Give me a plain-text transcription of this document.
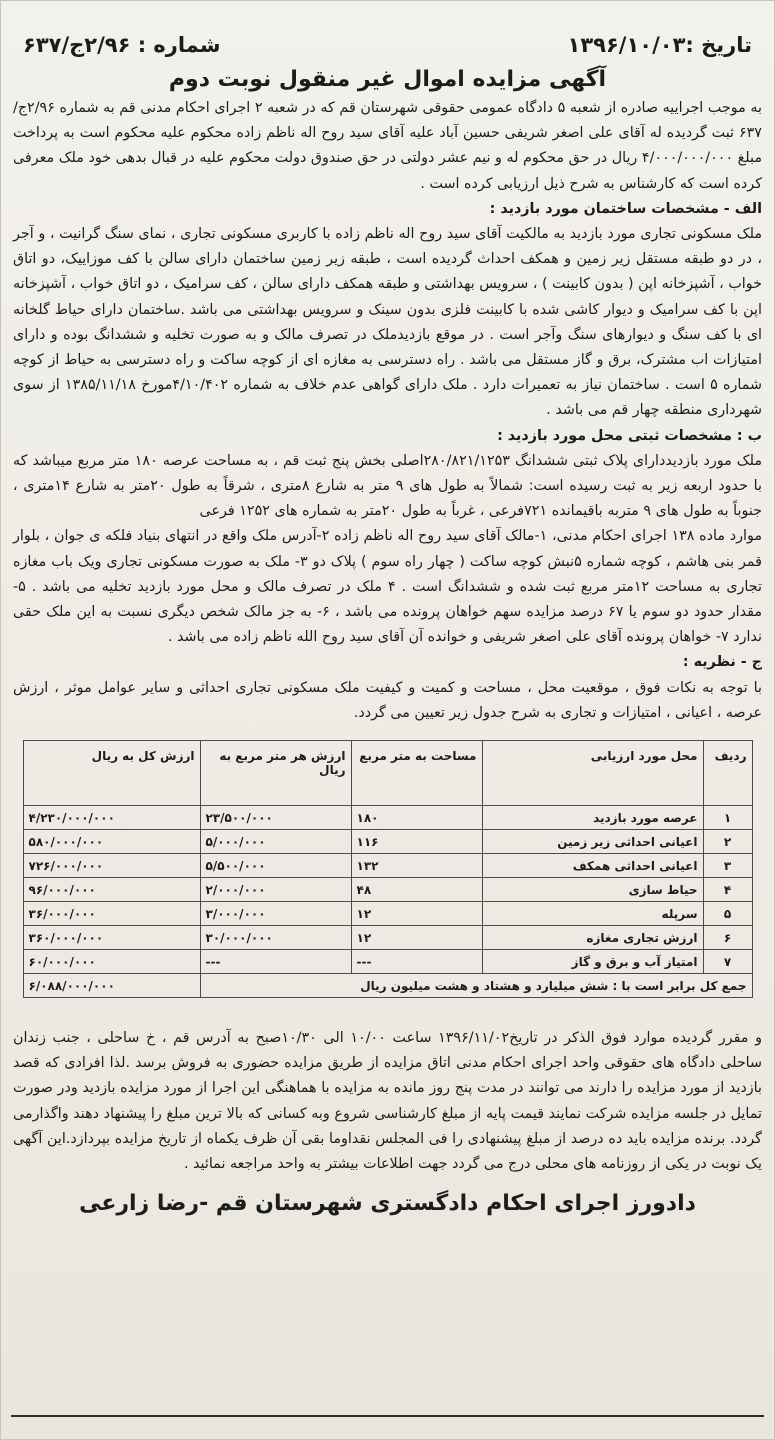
تاریخ :۱۳۹۶/۱۰/۰۳
شماره : ۲/۹۶ج/۶۳۷
آگهی مزایده اموال غیر منقول نوبت دوم

به موجب اجراییه صادره از شعبه ۵ دادگاه عمومی حقوقی شهرستان قم که در شعبه ۲ اجرای احکام مدنی قم به شماره ۲/۹۶ج/۶۳۷ ثبت گردیده له آقای علی اصغر شریفی حسین آباد علیه آقای سید روح اله ناظم زاده محکوم علیه محکوم است به پرداخت مبلغ ۴/۰۰۰/۰۰۰/۰۰۰ ریال در حق محکوم له و نیم عشر دولتی در حق صندوق دولت محکوم علیه در قبال بدهی خود ملک معرفی کرده است که کارشناس به شرح ذیل ارزیابی کرده است .

الف - مشخصات ساختمان مورد بازدید :

ملک مسکونی تجاری مورد بازدید به مالکیت آقای سید روح اله ناظم زاده با کاربری مسکونی تجاری ، نمای سنگ گرانیت ، و آجر ، در دو طبقه مستقل زیر زمین و همکف احداث گردیده است ، طبقه زیر زمین ساختمان دارای سالن با کف موزاییک، دو اتاق خواب ، آشپزخانه اپن ( بدون کابینت ) ، سرویس بهداشتی و طبقه همکف دارای سالن ، کف سرامیک ، دو اتاق خواب ، آشپزخانه اپن با کف سرامیک و دیوار کاشی شده با کابینت فلزی بدون سینک و سرویس بهداشتی می باشد .ساختمان دارای حیاط گلخانه ای با کف سنگ و دیوارهای سنگ وآجر است . در موقع بازدیدملک در تصرف مالک و به صورت تخلیه و ششدانگ بوده و دارای امتیازات اب مشترک، برق و گاز مستقل می باشد . راه دسترسی به مغازه ای از کوچه ساکت و راه دسترسی به حیاط از کوچه شماره ۵ است . ساختمان نیاز به تعمیرات دارد . ملک دارای گواهی عدم خلاف به شماره ۴/۱۰/۴۰۲مورخ ۱۳۸۵/۱۱/۱۸ از سوی شهرداری منطقه چهار قم می باشد .

ب : مشخصات ثبتی محل مورد بازدید :

ملک مورد بازدیددارای پلاک ثبتی ششدانگ ۲۸۰/۸۲۱/۱۲۵۳اصلی بخش پنج ثبت قم ، به مساحت عرصه ۱۸۰ متر مربع میباشد که با حدود اربعه زیر به ثبت رسیده است: شمالاً به طول های ۹ متر به شارع ۸متری ، شرقاً به طول ۲۰متر به شارع ۱۴متری ، جنوباً به طول های ۹ متربه باقیمانده ۷۲۱فرعی ، غرباً به طول ۲۰متر به شماره های ۱۲۵۲ فرعی

موارد ماده ۱۳۸ اجرای احکام مدنی، ۱-مالک آقای سید روح اله ناظم زاده ۲-آدرس ملک واقع در انتهای بنیاد فلکه ی جوان ، بلوار قمر بنی هاشم ، کوچه شماره ۵نبش کوچه ساکت ( چهار راه سوم ) پلاک دو ۳- ملک به صورت مسکونی تجاری ویک باب مغازه تجاری به مساحت ۱۲متر مربع ثبت شده و ششدانگ است . ۴ ملک در تصرف مالک و محل مورد بازدید تخلیه می باشد . ۵- مقدار حدود دو سوم یا ۶۷ درصد مزایده سهم خواهان پرونده می باشد ، ۶- به جز مالک شخص دیگری نسبت به این ملک حقی ندارد ۷- خواهان پرونده آقای علی اصغر شریفی و خوانده آن آقای سید روح الله ناظم زاده می باشد .

ج - نظریه :

با توجه به نکات فوق ، موقعیت محل ، مساحت و کمیت و کیفیت ملک مسکونی تجاری احداثی و سایر عوامل موثر ، ارزش عرصه ، اعیانی ، امتیازات و تجاری به شرح جدول زیر تعیین می گردد.

ردیف	محل مورد ارزیابی	مساحت به متر مربع	ارزش هر متر مربع به ریال	ارزش کل به ریال
۱	عرصه مورد بازدید	۱۸۰	۲۳/۵۰۰/۰۰۰	۴/۲۳۰/۰۰۰/۰۰۰
۲	اعیانی احداثی زیر زمین	۱۱۶	۵/۰۰۰/۰۰۰	۵۸۰/۰۰۰/۰۰۰
۳	اعیانی احداثی همکف	۱۳۲	۵/۵۰۰/۰۰۰	۷۲۶/۰۰۰/۰۰۰
۴	حیاط سازی	۴۸	۲/۰۰۰/۰۰۰	۹۶/۰۰۰/۰۰۰
۵	سرپله	۱۲	۳/۰۰۰/۰۰۰	۳۶/۰۰۰/۰۰۰
۶	ارزش تجاری مغازه	۱۲	۳۰/۰۰۰/۰۰۰	۳۶۰/۰۰۰/۰۰۰
۷	امتیاز آب و برق و گاز	---	---	۶۰/۰۰۰/۰۰۰
جمع کل برابر است با : شش میلیارد و هشتاد و هشت میلیون ریال				۶/۰۸۸/۰۰۰/۰۰۰

و مقرر گردیده موارد فوق الذکر در تاریخ۱۳۹۶/۱۱/۰۲ ساعت ۱۰/۰۰ الی ۱۰/۳۰صبح به آدرس قم ، خ ساحلی ، جنب زندان ساحلی دادگاه های حقوقی واحد اجرای احکام مدنی اتاق مزایده از طریق مزایده حضوری به فروش برسد .لذا افرادی که قصد بازدید از مورد مزایده را دارند می توانند در مدت پنج روز مانده به مزایده با هماهنگی این اجرا از مورد مزایده بازدید ودر صورت تمایل در جلسه مزایده شرکت نمایند قیمت پایه از مبلغ کارشناسی شروع وبه کسانی که بالا ترین مبلغ را پیشنهاد دهند واگذارمی گردد. برنده مزایده باید ده درصد از مبلغ پیشنهادی را فی المجلس نقداوما بقی آن ظرف یکماه از تاریخ مزایده بپردازد.این آگهی یک نوبت در یکی از روزنامه های محلی درج می گردد جهت اطلاعات بیشتر به واحد مراجعه نمائید .

دادورز اجرای احکام دادگستری شهرستان قم -رضا زارعی
